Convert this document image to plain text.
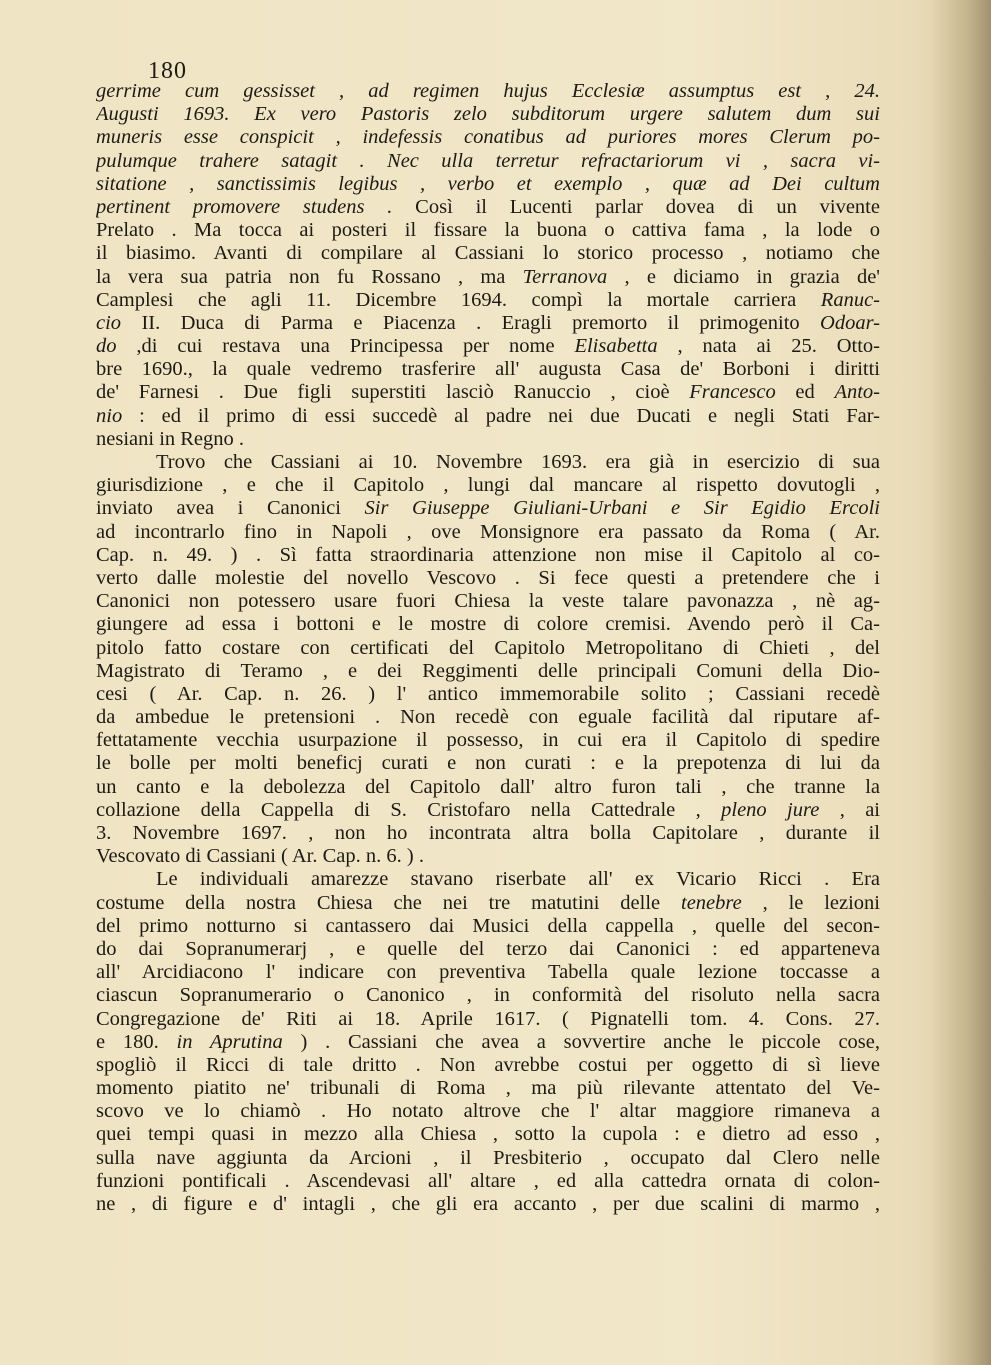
180
gerrime cum gessisset , ad regimen hujus Ecclesiæ assumptus est , 24.
Augusti 1693. Ex vero Pastoris zelo subditorum urgere salutem dum sui
muneris esse conspicit , indefessis conatibus ad puriores mores Clerum po-
pulumque trahere satagit . Nec ulla terretur refractariorum vi , sacra vi-
sitatione , sanctissimis legibus , verbo et exemplo , quæ ad Dei cultum
pertinent promovere studens . Così il Lucenti parlar dovea di un vivente
Prelato . Ma tocca ai posteri il fissare la buona o cattiva fama , la lode o
il biasimo. Avanti di compilare al Cassiani lo storico processo , notiamo che
la vera sua patria non fu Rossano , ma Terranova , e diciamo in grazia de'
Camplesi che agli 11. Dicembre 1694. compì la mortale carriera Ranuc-
cio II. Duca di Parma e Piacenza . Eragli premorto il primogenito Odoar-
do ,di cui restava una Principessa per nome Elisabetta , nata ai 25. Otto-
bre 1690., la quale vedremo trasferire all' augusta Casa de' Borboni i diritti
de' Farnesi . Due figli superstiti lasciò Ranuccio , cioè Francesco ed Anto-
nio : ed il primo di essi succedè al padre nei due Ducati e negli Stati Far-
nesiani in Regno .
Trovo che Cassiani ai 10. Novembre 1693. era già in esercizio di sua
giurisdizione , e che il Capitolo , lungi dal mancare al rispetto dovutogli ,
inviato avea i Canonici Sir Giuseppe Giuliani-Urbani e Sir Egidio Ercoli
ad incontrarlo fino in Napoli , ove Monsignore era passato da Roma ( Ar.
Cap. n. 49. ) . Sì fatta straordinaria attenzione non mise il Capitolo al co-
verto dalle molestie del novello Vescovo . Si fece questi a pretendere che i
Canonici non potessero usare fuori Chiesa la veste talare pavonazza , nè ag-
giungere ad essa i bottoni e le mostre di colore cremisi. Avendo però il Ca-
pitolo fatto costare con certificati del Capitolo Metropolitano di Chieti , del
Magistrato di Teramo , e dei Reggimenti delle principali Comuni della Dio-
cesi ( Ar. Cap. n. 26. ) l' antico immemorabile solito ; Cassiani recedè
da ambedue le pretensioni . Non recedè con eguale facilità dal riputare af-
fettatamente vecchia usurpazione il possesso, in cui era il Capitolo di spedire
le bolle per molti beneficj curati e non curati : e la prepotenza di lui da
un canto e la debolezza del Capitolo dall' altro furon tali , che tranne la
collazione della Cappella di S. Cristofaro nella Cattedrale , pleno jure , ai
3. Novembre 1697. , non ho incontrata altra bolla Capitolare , durante il
Vescovato di Cassiani ( Ar. Cap. n. 6. ) .
Le individuali amarezze stavano riserbate all' ex Vicario Ricci . Era
costume della nostra Chiesa che nei tre matutini delle tenebre , le lezioni
del primo notturno si cantassero dai Musici della cappella , quelle del secon-
do dai Sopranumerarj , e quelle del terzo dai Canonici : ed apparteneva
all' Arcidiacono l' indicare con preventiva Tabella quale lezione toccasse a
ciascun Sopranumerario o Canonico , in conformità del risoluto nella sacra
Congregazione de' Riti ai 18. Aprile 1617. ( Pignatelli tom. 4. Cons. 27.
e 180. in Aprutina ) . Cassiani che avea a sovvertire anche le piccole cose,
spogliò il Ricci di tale dritto . Non avrebbe costui per oggetto di sì lieve
momento piatito ne' tribunali di Roma , ma più rilevante attentato del Ve-
scovo ve lo chiamò . Ho notato altrove che l' altar maggiore rimaneva a
quei tempi quasi in mezzo alla Chiesa , sotto la cupola : e dietro ad esso ,
sulla nave aggiunta da Arcioni , il Presbiterio , occupato dal Clero nelle
funzioni pontificali . Ascendevasi all' altare , ed alla cattedra ornata di colon-
ne , di figure e d' intagli , che gli era accanto , per due scalini di marmo ,
